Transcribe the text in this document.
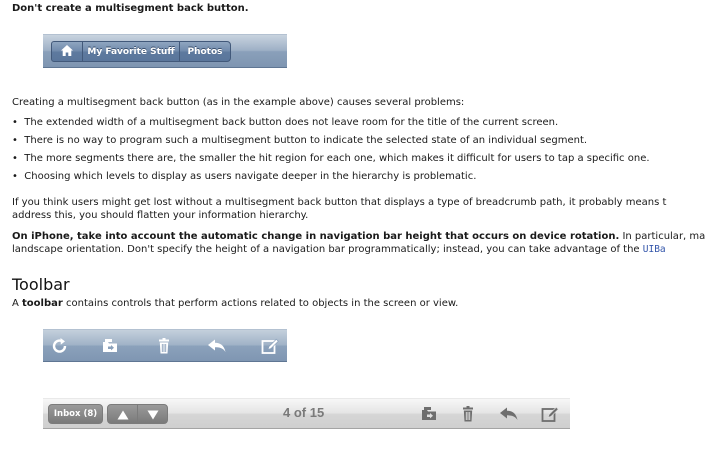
Don't create a multisegment back button.
My Favorite Stuff	Photos
Creating a multisegment back button (as in the example above) causes several problems:
•  The extended width of a multisegment back button does not leave room for the title of the current screen.
•  There is no way to program such a multisegment button to indicate the selected state of an individual segment.
•  The more segments there are, the smaller the hit region for each one, which makes it difficult for users to tap a specific one.
•  Choosing which levels to display as users navigate deeper in the hierarchy is problematic.
If you think users might get lost without a multisegment back button that displays a type of breadcrumb path, it probably means t
address this, you should flatten your information hierarchy.
On iPhone, take into account the automatic change in navigation bar height that occurs on device rotation. In particular, ma
landscape orientation. Don't specify the height of a navigation bar programmatically; instead, you can take advantage of the UIBa
Toolbar
A toolbar contains controls that perform actions related to objects in the screen or view.
Inbox (8)	4 of 15
